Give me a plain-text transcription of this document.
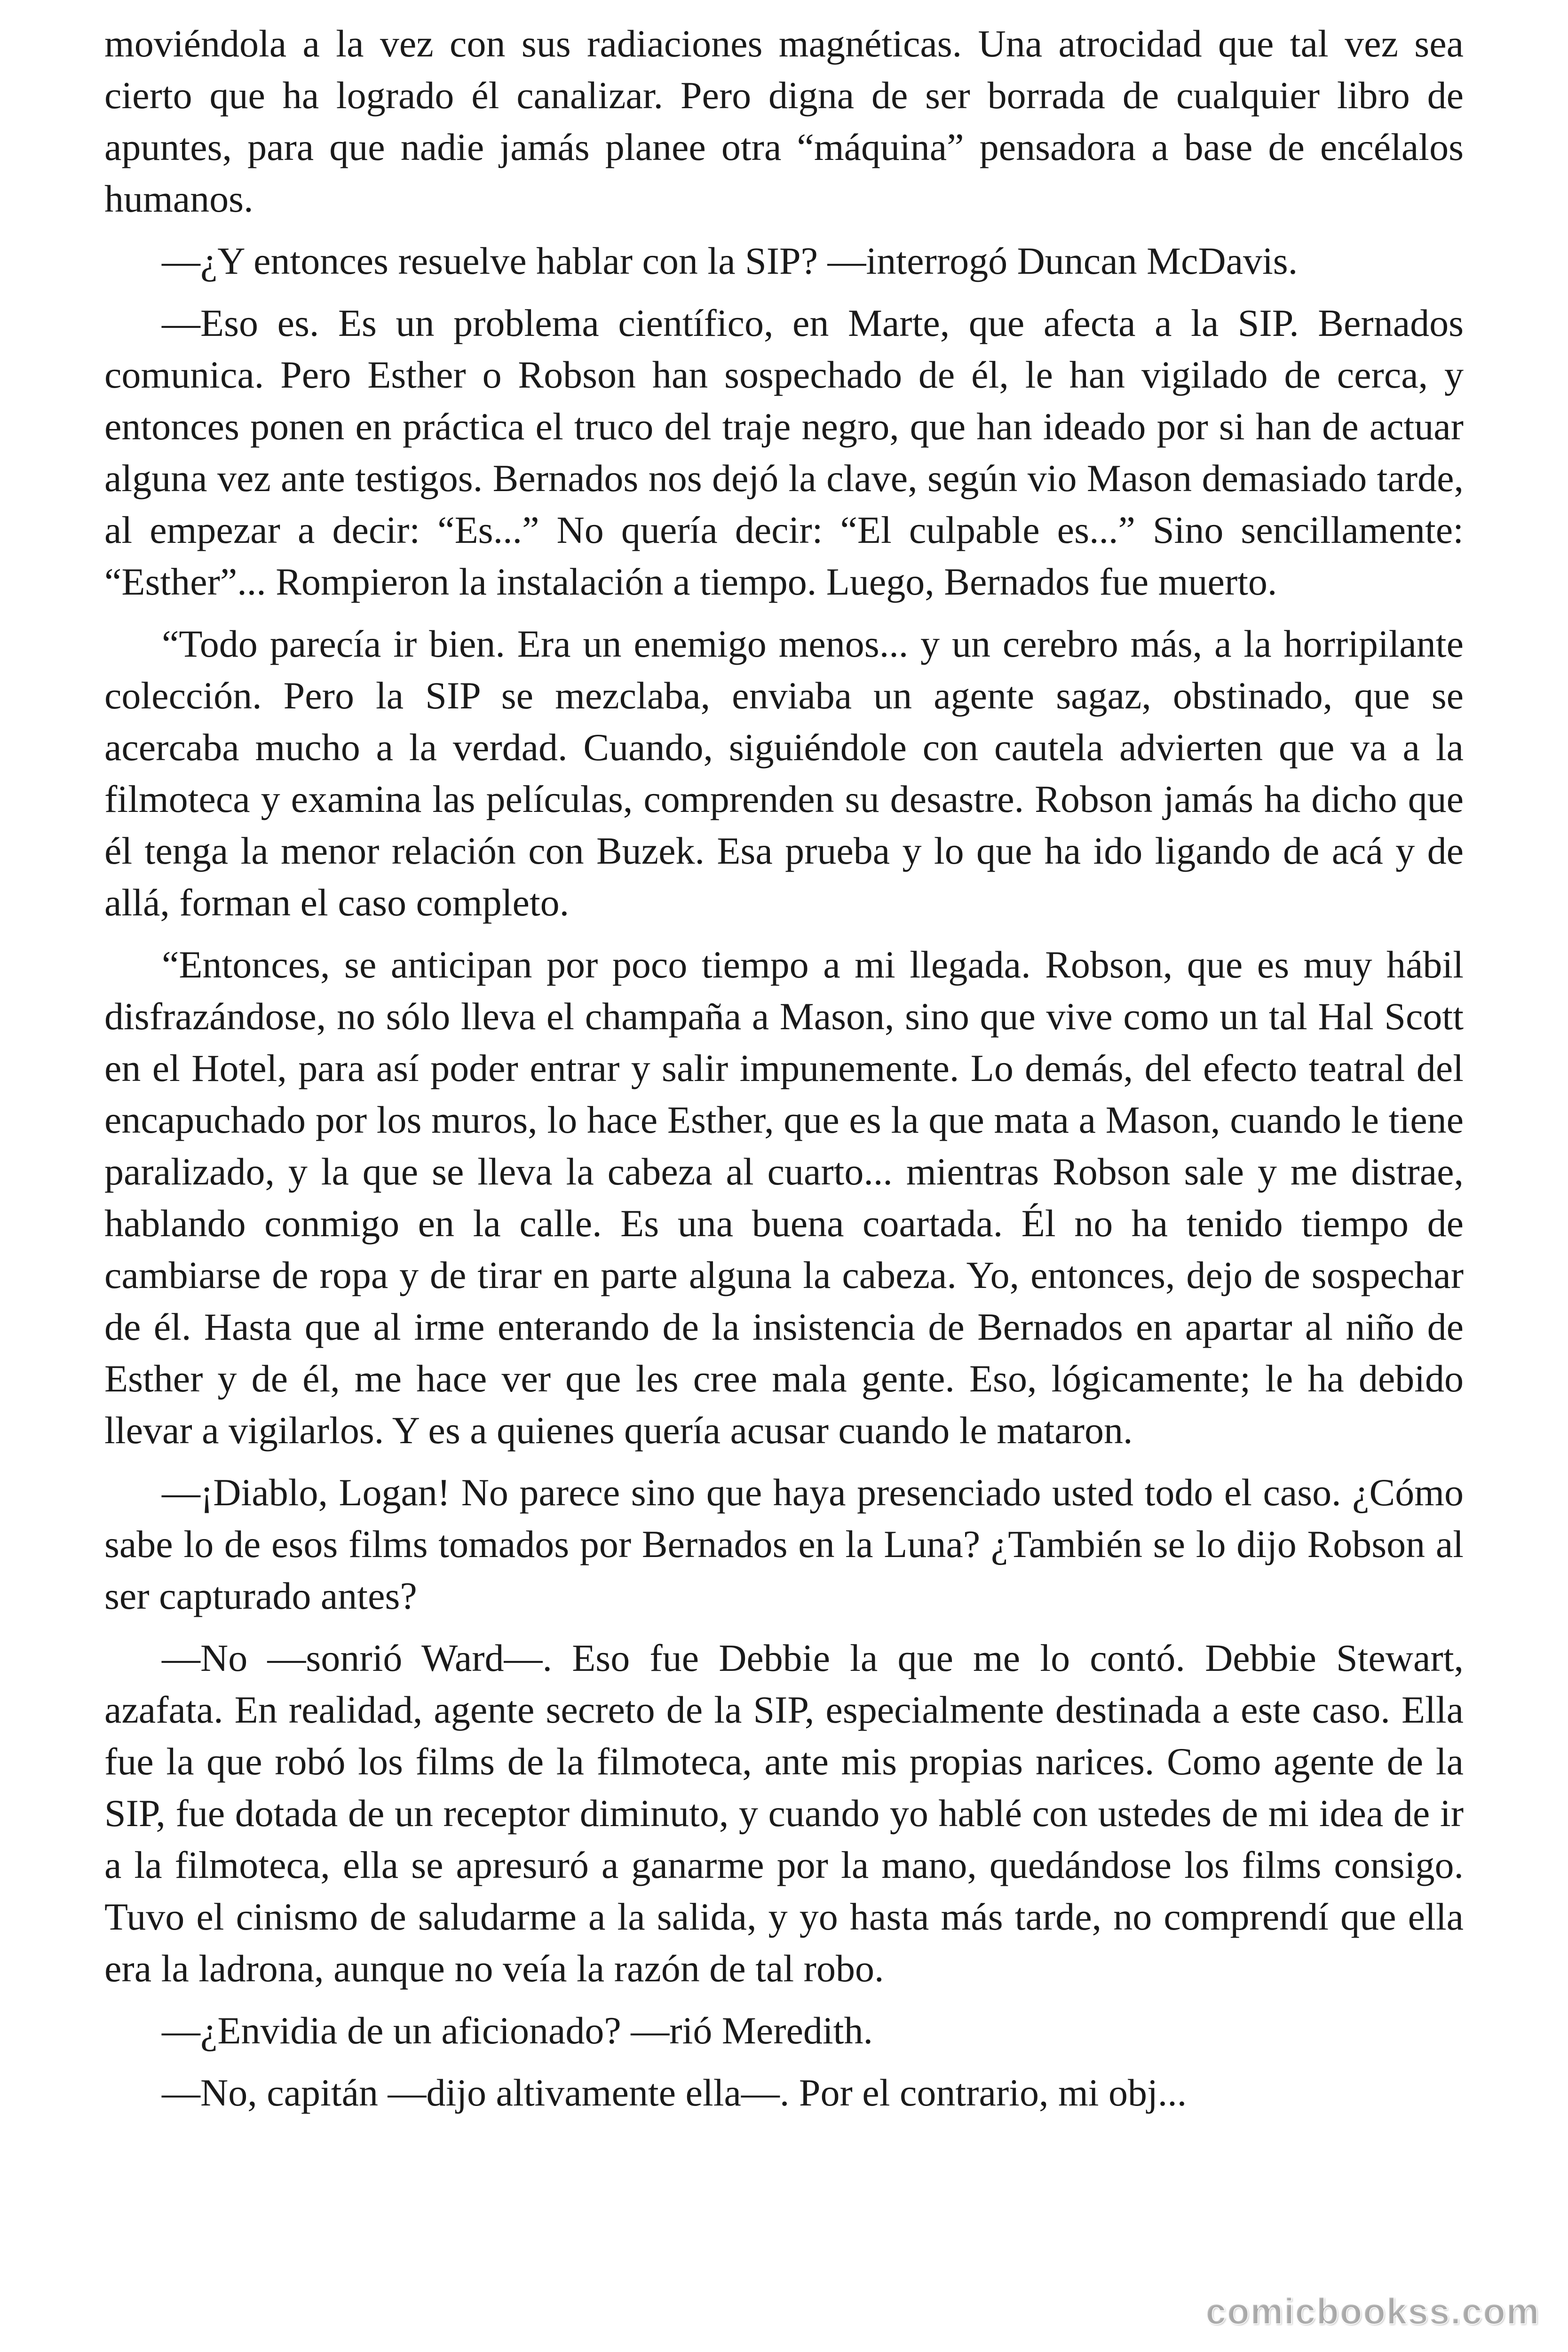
moviéndola a la vez con sus radiaciones magnéticas. Una atrocidad que tal vez sea cierto que ha logrado él canalizar. Pero digna de ser borrada de cualquier libro de apuntes, para que nadie jamás planee otra “máquina” pensadora a base de encélalos humanos.

—¿Y entonces resuelve hablar con la SIP? —interrogó Duncan McDavis.

—Eso es. Es un problema científico, en Marte, que afecta a la SIP. Bernados comunica. Pero Esther o Robson han sospechado de él, le han vigilado de cerca, y entonces ponen en práctica el truco del traje negro, que han ideado por si han de actuar alguna vez ante testigos. Bernados nos dejó la clave, según vio Mason demasiado tarde, al empezar a decir: “Es...” No quería decir: “El culpable es...” Sino sencillamente: “Esther”... Rompieron la instalación a tiempo. Luego, Bernados fue muerto.

“Todo parecía ir bien. Era un enemigo menos... y un cerebro más, a la horripilante colección. Pero la SIP se mezclaba, enviaba un agente sagaz, obstinado, que se acercaba mucho a la verdad. Cuando, siguiéndole con cautela advierten que va a la filmoteca y examina las películas, comprenden su desastre. Robson jamás ha dicho que él tenga la menor relación con Buzek. Esa prueba y lo que ha ido ligando de acá y de allá, forman el caso completo.

“Entonces, se anticipan por poco tiempo a mi llegada. Robson, que es muy hábil disfrazándose, no sólo lleva el champaña a Mason, sino que vive como un tal Hal Scott en el Hotel, para así poder entrar y salir impunemente. Lo demás, del efecto teatral del encapuchado por los muros, lo hace Esther, que es la que mata a Mason, cuando le tiene paralizado, y la que se lleva la cabeza al cuarto... mientras Robson sale y me distrae, hablando conmigo en la calle. Es una buena coartada. Él no ha tenido tiempo de cambiarse de ropa y de tirar en parte alguna la cabeza. Yo, entonces, dejo de sospechar de él. Hasta que al irme enterando de la insistencia de Bernados en apartar al niño de Esther y de él, me hace ver que les cree mala gente. Eso, lógicamente; le ha debido llevar a vigilarlos. Y es a quienes quería acusar cuando le mataron.

—¡Diablo, Logan! No parece sino que haya presenciado usted todo el caso. ¿Cómo sabe lo de esos films tomados por Bernados en la Luna? ¿También se lo dijo Robson al ser capturado antes?

—No —sonrió Ward—. Eso fue Debbie la que me lo contó. Debbie Stewart, azafata. En realidad, agente secreto de la SIP, especialmente destinada a este caso. Ella fue la que robó los films de la filmoteca, ante mis propias narices. Como agente de la SIP, fue dotada de un receptor diminuto, y cuando yo hablé con ustedes de mi idea de ir a la filmoteca, ella se apresuró a ganarme por la mano, quedándose los films consigo. Tuvo el cinismo de saludarme a la salida, y yo hasta más tarde, no comprendí que ella era la ladrona, aunque no veía la razón de tal robo.

—¿Envidia de un aficionado? —rió Meredith.

—No, capitán —dijo altivamente ella—. Por el contrario, mi obj...

comicbookss.com
